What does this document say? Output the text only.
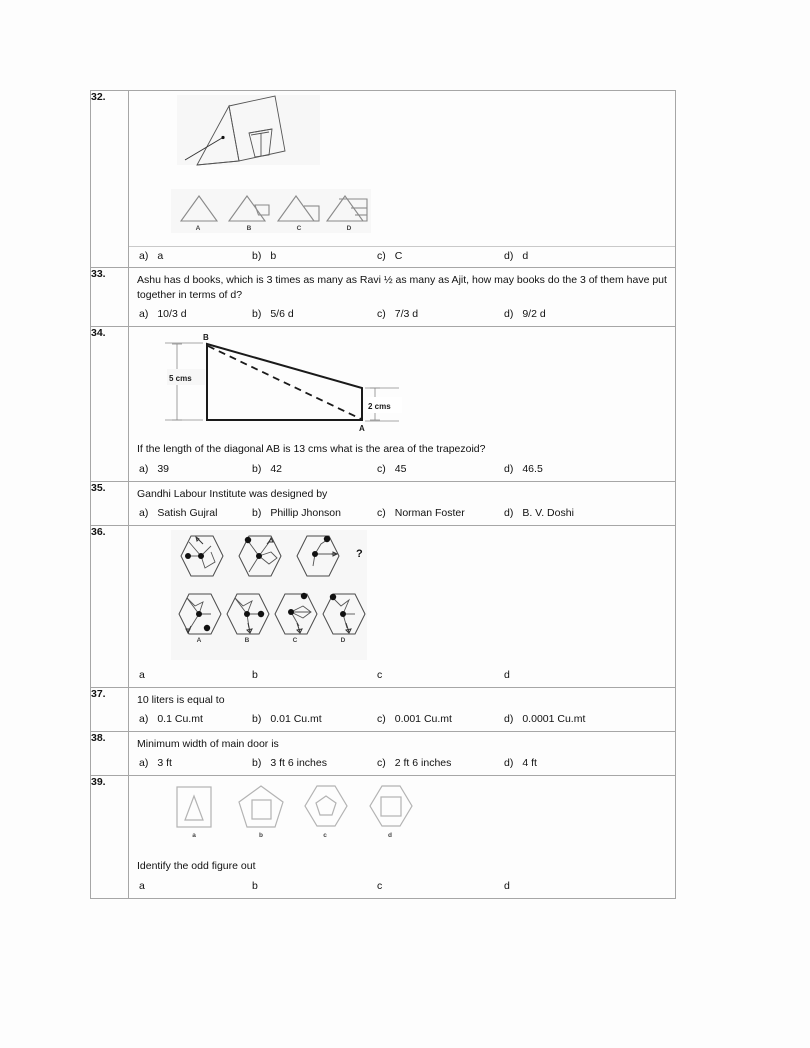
32.	
A	B	C	D
a) a	b) b	c) C	d) d

33.	Ashu has d books, which is 3 times as many as Ravi ½ as many as Ajit, how may books do the 3 of them have put together in terms of d?
a) 10/3 d b) 5/6 d c) 7/3 d d) 9/2 d

34.	
5 cms
2 cms
B
A
If the length of the diagonal AB is 13 cms what is the area of the trapezoid?
a) 39	b) 42	c) 45	d) 46.5

35.	Gandhi Labour Institute was designed by
a) Satish Gujral b) Phillip Jhonson c) Norman Foster d) B. V. Doshi

36.	
?
A	B	C	D
a	b	c	d

37.	10 liters is equal to
a) 0.1 Cu.mt b) 0.01 Cu.mt c) 0.001 Cu.mt d) 0.0001 Cu.mt

38.	Minimum width of main door is
a) 3 ft b) 3 ft 6 inches c) 2 ft 6 inches d) 4 ft

39.	
a	b	c	d
Identify the odd figure out
a	b	c	d
